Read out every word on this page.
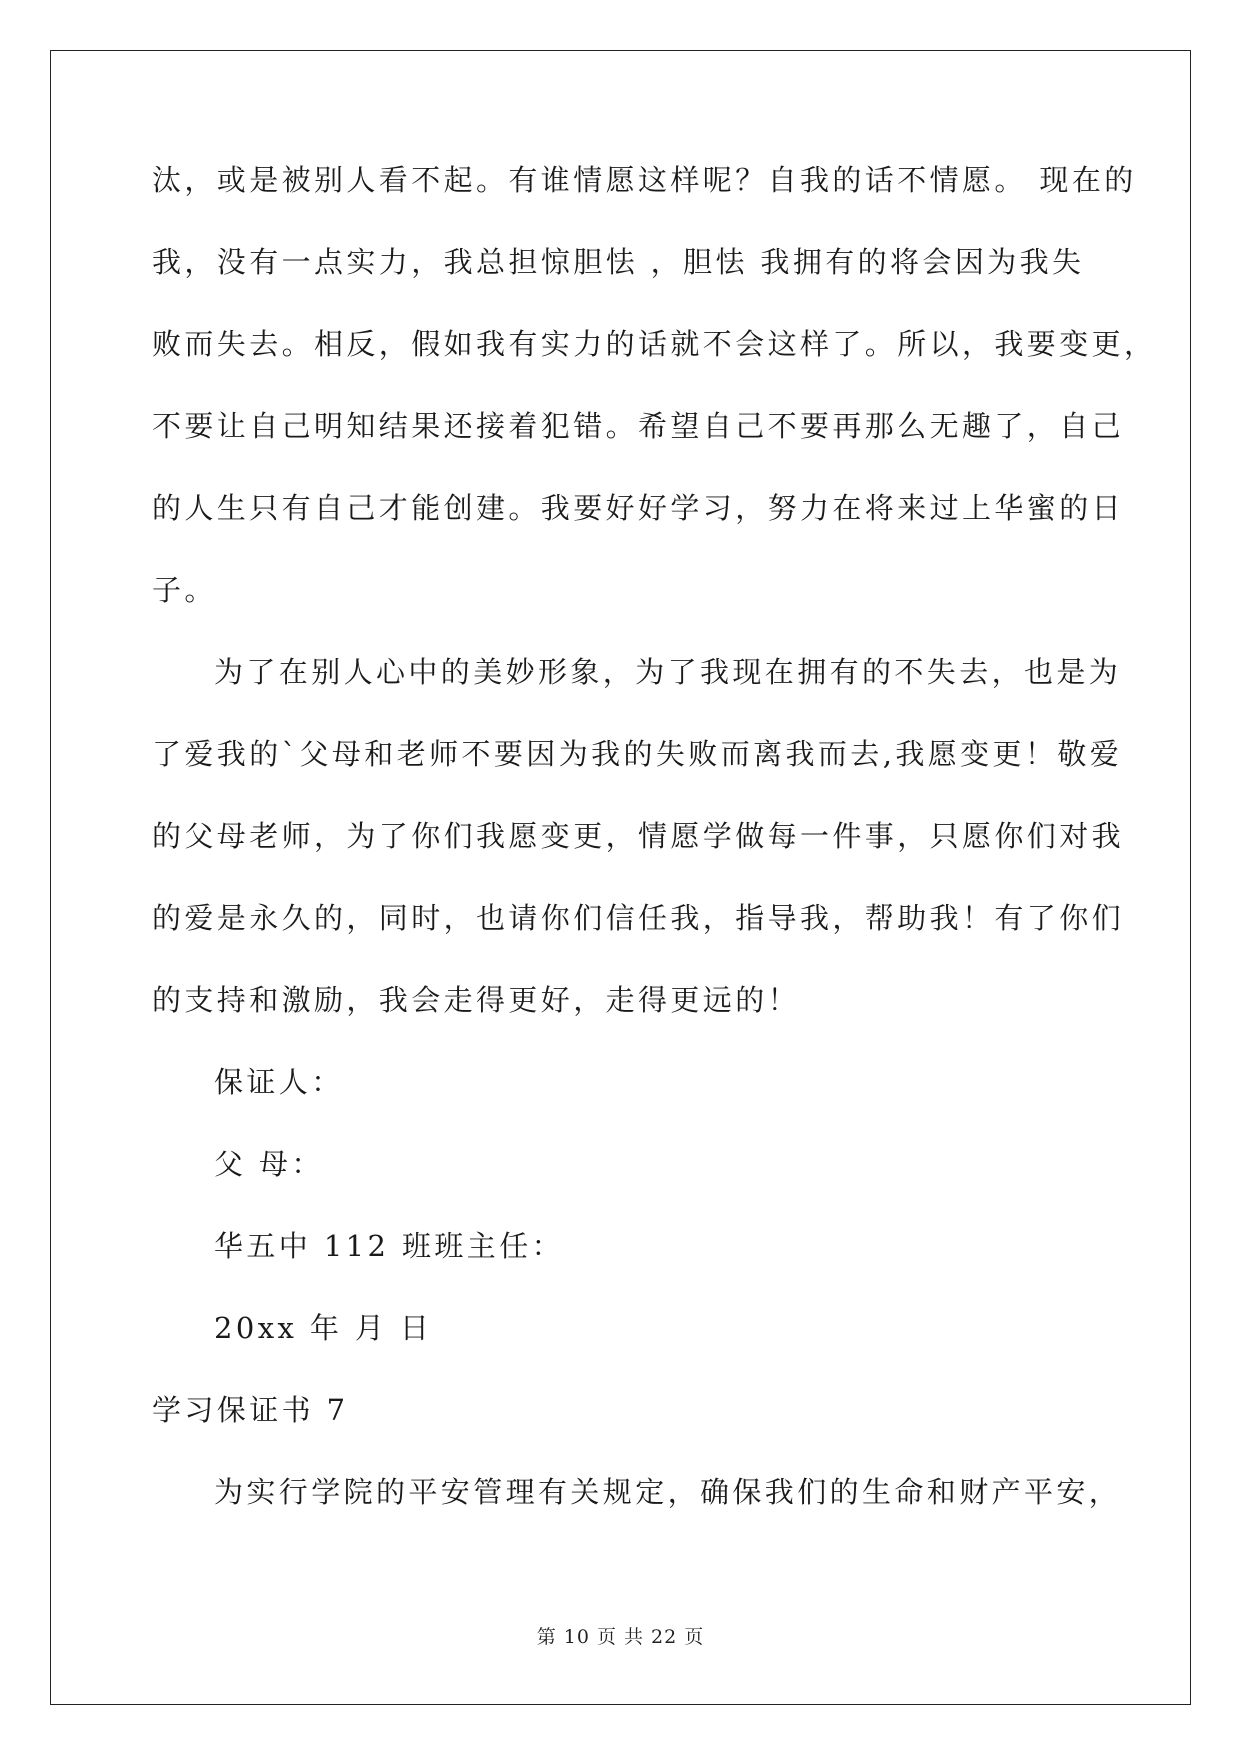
汰，或是被别人看不起。有谁情愿这样呢？自我的话不情愿。 现在的
我，没有一点实力，我总担惊胆怯 ，胆怯 我拥有的将会因为我失
败而失去。相反，假如我有实力的话就不会这样了。所以，我要变更，
不要让自己明知结果还接着犯错。希望自己不要再那么无趣了，自己
的人生只有自己才能创建。我要好好学习，努力在将来过上华蜜的日
子。
为了在别人心中的美妙形象，为了我现在拥有的不失去，也是为
了爱我的`父母和老师不要因为我的失败而离我而去,我愿变更！敬爱
的父母老师，为了你们我愿变更，情愿学做每一件事，只愿你们对我
的爱是永久的，同时，也请你们信任我，指导我，帮助我！有了你们
的支持和激励，我会走得更好，走得更远的！
保证人：
父 母：
华五中 112 班班主任：
20xx 年 月 日
学习保证书 7
为实行学院的平安管理有关规定，确保我们的生命和财产平安，
第 10 页 共 22 页
